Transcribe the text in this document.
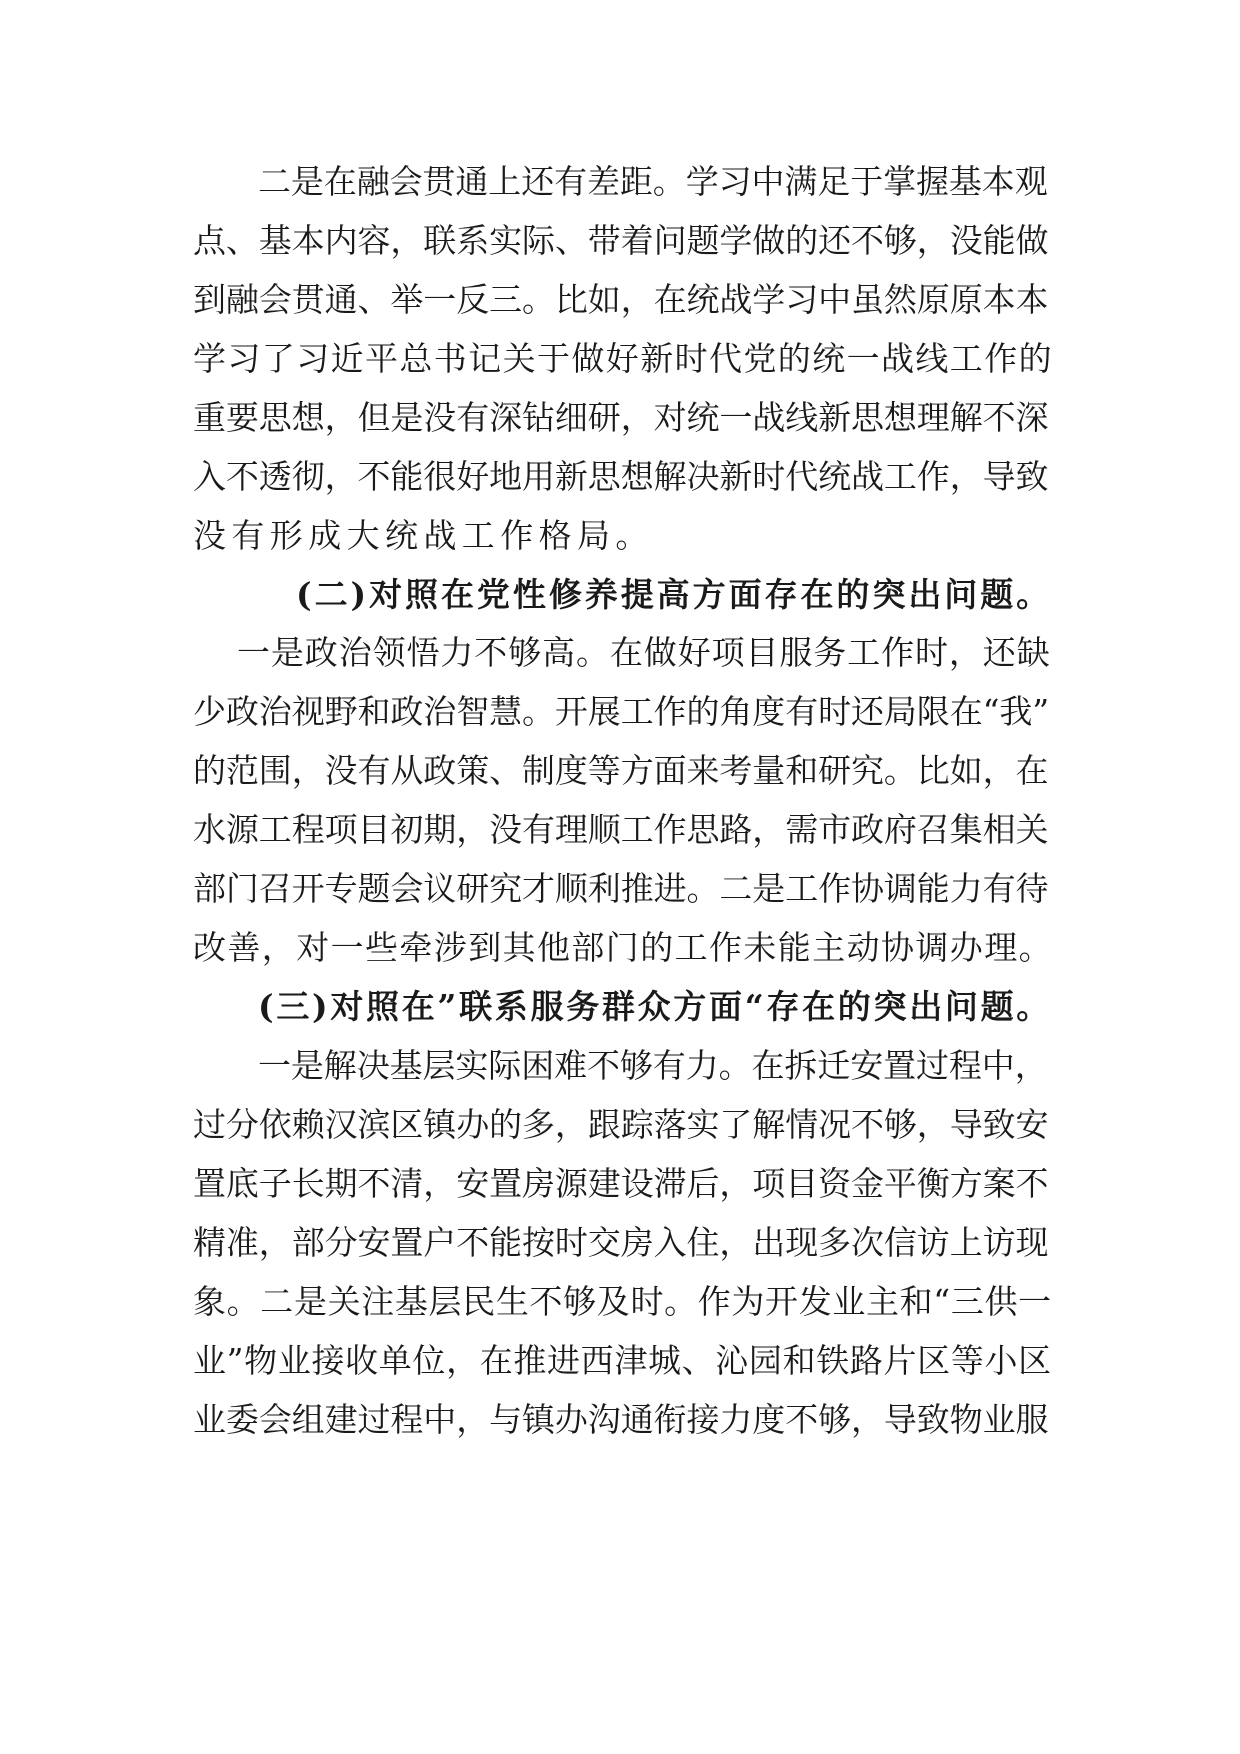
二是在融会贯通上还有差距。学习中满足于掌握基本观
点、基本内容，联系实际、带着问题学做的还不够，没能做
到融会贯通、举一反三。比如，在统战学习中虽然原原本本
学习了习近平总书记关于做好新时代党的统一战线工作的
重要思想，但是没有深钻细研，对统一战线新思想理解不深
入不透彻，不能很好地用新思想解决新时代统战工作，导致
没有形成大统战工作格局。
(二)对照在党性修养提高方面存在的突出问题。
一是政治领悟力不够高。在做好项目服务工作时，还缺
少政治视野和政治智慧。开展工作的角度有时还局限在“我”
的范围，没有从政策、制度等方面来考量和研究。比如，在
水源工程项目初期，没有理顺工作思路，需市政府召集相关
部门召开专题会议研究才顺利推进。二是工作协调能力有待
改善，对一些牵涉到其他部门的工作未能主动协调办理。
(三)对照在”联系服务群众方面“存在的突出问题。
一是解决基层实际困难不够有力。在拆迁安置过程中，
过分依赖汉滨区镇办的多，跟踪落实了解情况不够，导致安
置底子长期不清，安置房源建设滞后，项目资金平衡方案不
精准，部分安置户不能按时交房入住，出现多次信访上访现
象。二是关注基层民生不够及时。作为开发业主和“三供一
业”物业接收单位，在推进西津城、沁园和铁路片区等小区
业委会组建过程中，与镇办沟通衔接力度不够，导致物业服
